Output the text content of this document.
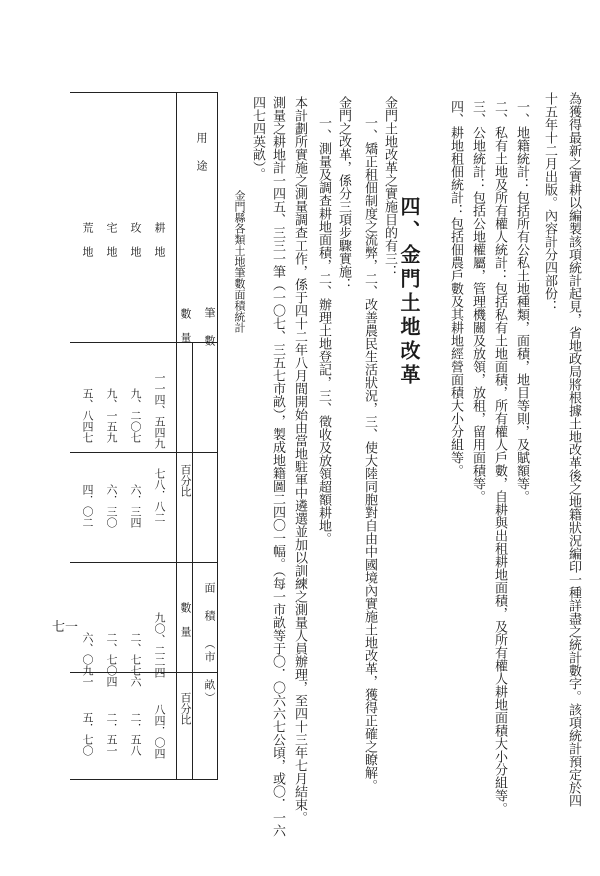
為獲得最新之實耕以編製該項統計起見，省地政局將根據土地改革後之地籍狀況編印一種詳盡之統計數字。該項統計預定於四
十五年十二月出版。內容計分四部份：
一、地籍統計：包括所有公私土地種類，面積，地目等則，及賦額等。
二、私有土地及所有權人統計：包括私有土地面積，所有權人戶數，自耕與出租耕地面積，及所有權人耕地面積大小分組等。
三、公地統計：包括公地權屬，管理機關及放領，放租，留用面積等。
四、耕地租佃統計：包括佃農戶數及其耕地經營面積大小分組等。
四、金門土地改革
金門土地改革之實施目的有三：
一、矯正租佃制度之流弊，二、改善農民生活狀況，三、使大陸同胞對自由中國境內實施土地改革，獲得正確之瞭解。
金門之改革，係分三項步驟實施：
一、測量及調查耕地面積，二、辦理土地登記，三、徵收及放領超額耕地。
本計劃所實施之測量調查工作，係于四十二年八月間開始由當地駐軍中遴選並加以訓練之測量人員辦理，至四十三年七月結束。
測量之耕地計一四五、三三一筆（一〇七、三五七市畝），製成地籍圖二四〇一幅。（每一市畝等于〇．〇六六七公頃，或〇．一六
四七四英畝）。
金門縣各類土地筆數面積統計
用 途
筆 數
數 量
百分比
面 積 （市 畝）
數 量
百分比
耕 地
一一四、五四九
七八．八二
九〇、二二四
八四．〇四
玫 地
九、二〇七
六．三四
二、七七六
二．五八
宅 地
九、一五九
六．三〇
二、七〇四
二．五一
荒 地
五、八四七
四．〇二
六、〇九一
五．七〇
七一
